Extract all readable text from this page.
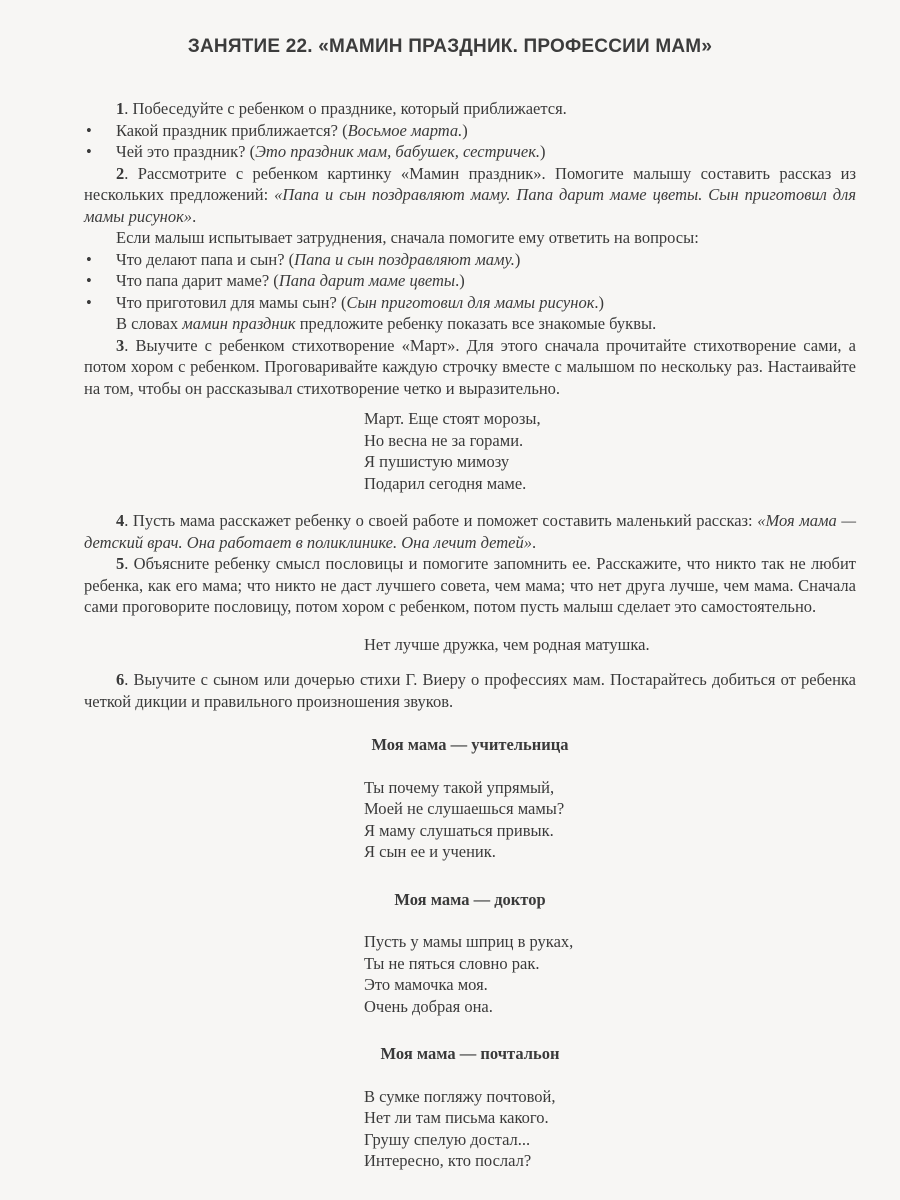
ЗАНЯТИЕ 22. «МАМИН ПРАЗДНИК. ПРОФЕССИИ МАМ»

1. Побеседуйте с ребенком о празднике, который приближается.

• Какой праздник приближается? (Восьмое марта.)

• Чей это праздник? (Это праздник мам, бабушек, сестричек.)

2. Рассмотрите с ребенком картинку «Мамин праздник». Помогите малышу составить рассказ из нескольких предложений: «Папа и сын поздравляют маму. Папа дарит маме цветы. Сын приготовил для мамы рисунок».

Если малыш испытывает затруднения, сначала помогите ему ответить на вопросы:

• Что делают папа и сын? (Папа и сын поздравляют маму.)

• Что папа дарит маме? (Папа дарит маме цветы.)

• Что приготовил для мамы сын? (Сын приготовил для мамы рисунок.)

В словах мамин праздник предложите ребенку показать все знакомые буквы.

3. Выучите с ребенком стихотворение «Март». Для этого сначала прочитайте стихотворение сами, а потом хором с ребенком. Проговаривайте каждую строчку вместе с малышом по нескольку раз. Настаивайте на том, чтобы он рассказывал стихотворение четко и выразительно.

Март. Еще стоят морозы,
Но весна не за горами.
Я пушистую мимозу
Подарил сегодня маме.

4. Пусть мама расскажет ребенку о своей работе и поможет составить маленький рассказ: «Моя мама — детский врач. Она работает в поликлинике. Она лечит детей».

5. Объясните ребенку смысл пословицы и помогите запомнить ее. Расскажите, что никто так не любит ребенка, как его мама; что никто не даст лучшего совета, чем мама; что нет друга лучше, чем мама. Сначала сами проговорите пословицу, потом хором с ребенком, потом пусть малыш сделает это самостоятельно.

Нет лучше дружка, чем родная матушка.

6. Выучите с сыном или дочерью стихи Г. Виеру о профессиях мам. Постарайтесь добиться от ребенка четкой дикции и правильного произношения звуков.

Моя мама — учительница

Ты почему такой упрямый,
Моей не слушаешься мамы?
Я маму слушаться привык.
Я сын ее и ученик.

Моя мама — доктор

Пусть у мамы шприц в руках,
Ты не пяться словно рак.
Это мамочка моя.
Очень добрая она.

Моя мама — почтальон

В сумке погляжу почтовой,
Нет ли там письма какого.
Грушу спелую достал...
Интересно, кто послал?
